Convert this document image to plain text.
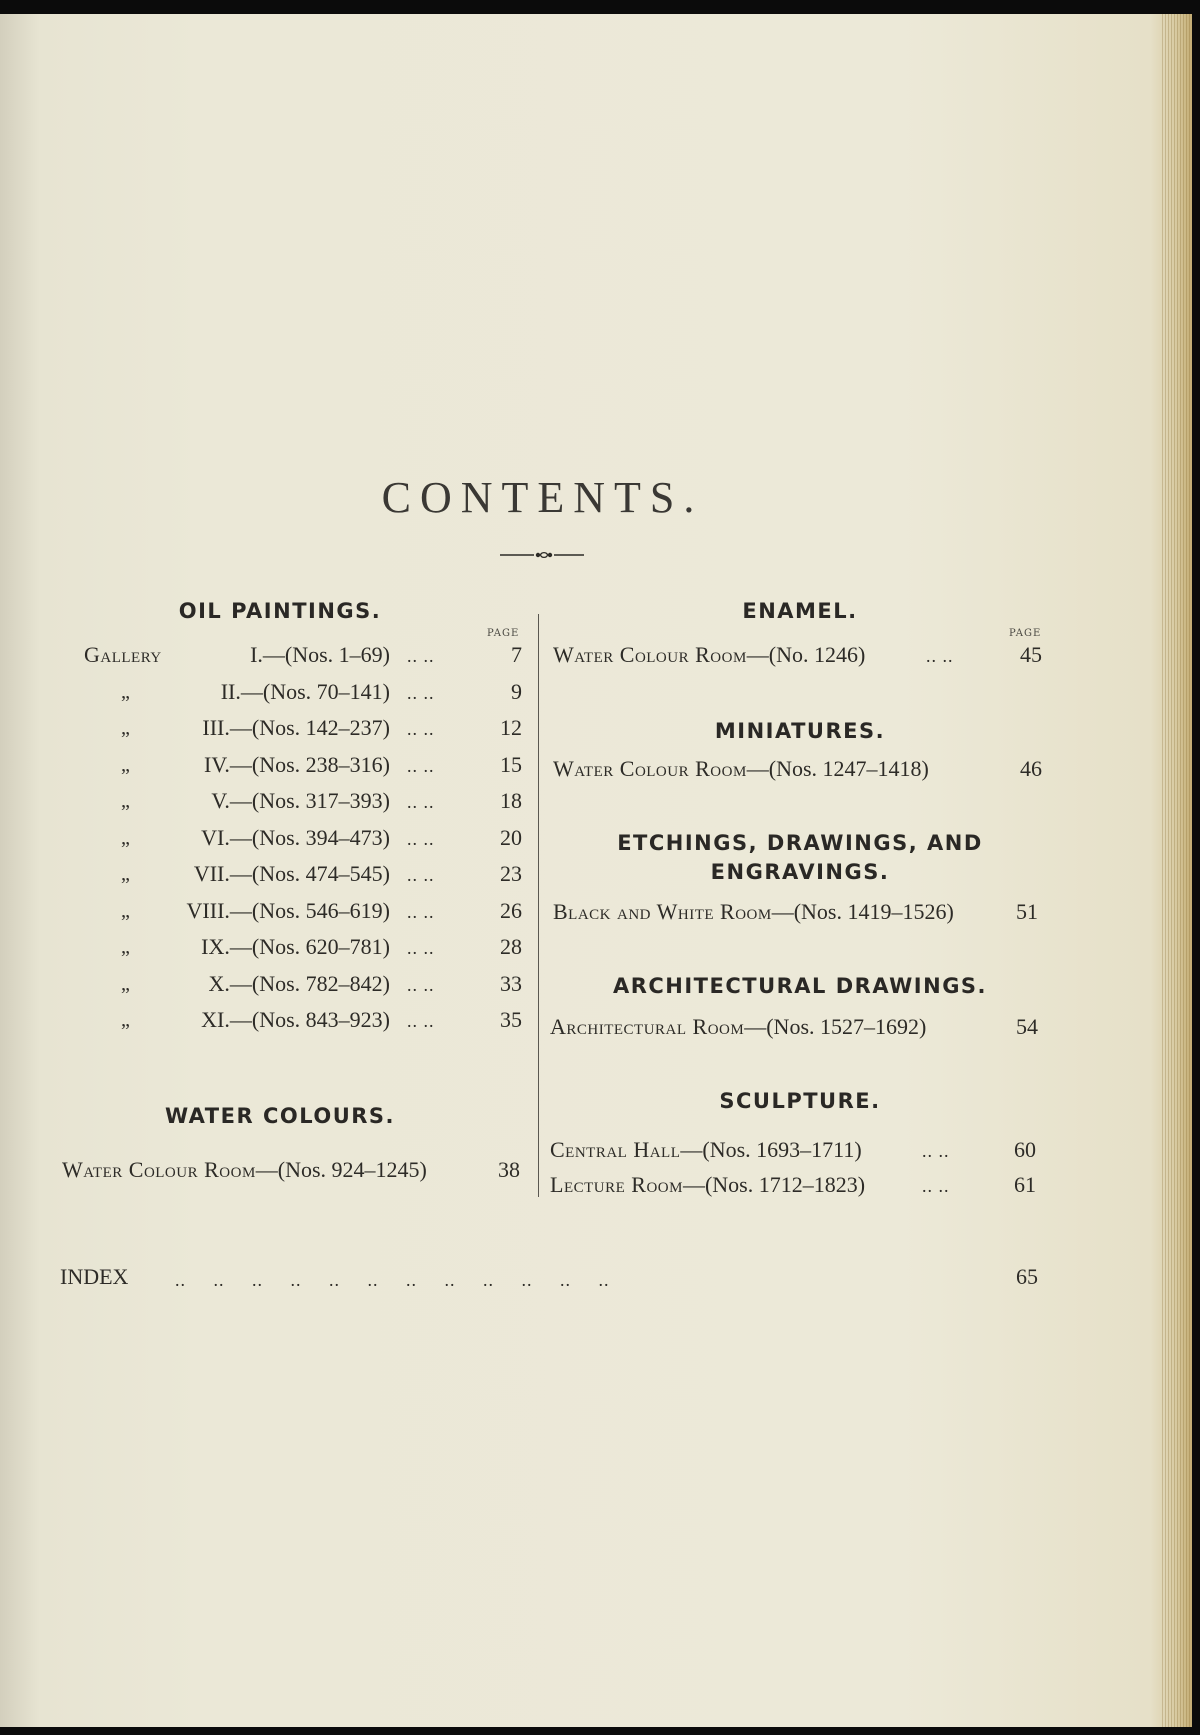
CONTENTS.
OIL PAINTINGS.
PAGE
Gallery	I.—(Nos. 1–69) .. ..	7
„	II.—(Nos. 70–141) .. ..	9
„	III.—(Nos. 142–237) .. ..	12
„	IV.—(Nos. 238–316) .. ..	15
„	V.—(Nos. 317–393) .. ..	18
„	VI.—(Nos. 394–473) .. ..	20
„	VII.—(Nos. 474–545) .. ..	23
„	VIII.—(Nos. 546–619) .. ..	26
„	IX.—(Nos. 620–781) .. ..	28
„	X.—(Nos. 782–842) .. ..	33
„	XI.—(Nos. 843–923) .. ..	35
WATER COLOURS.
Water Colour Room—(Nos. 924–1245)	38
ENAMEL.
PAGE
Water Colour Room—(No. 1246)	.. ..	45
MINIATURES.
Water Colour Room—(Nos. 1247–1418)	46
ETCHINGS, DRAWINGS, AND
ENGRAVINGS.
Black and White Room—(Nos. 1419–1526)	51
ARCHITECTURAL DRAWINGS.
Architectural Room—(Nos. 1527–1692)	54
SCULPTURE.
Central Hall—(Nos. 1693–1711)	.. ..	60
Lecture Room—(Nos. 1712–1823)	.. ..	61
INDEX	..     ..     ..     ..     ..     ..     ..     ..     ..     ..     ..     ..	65
